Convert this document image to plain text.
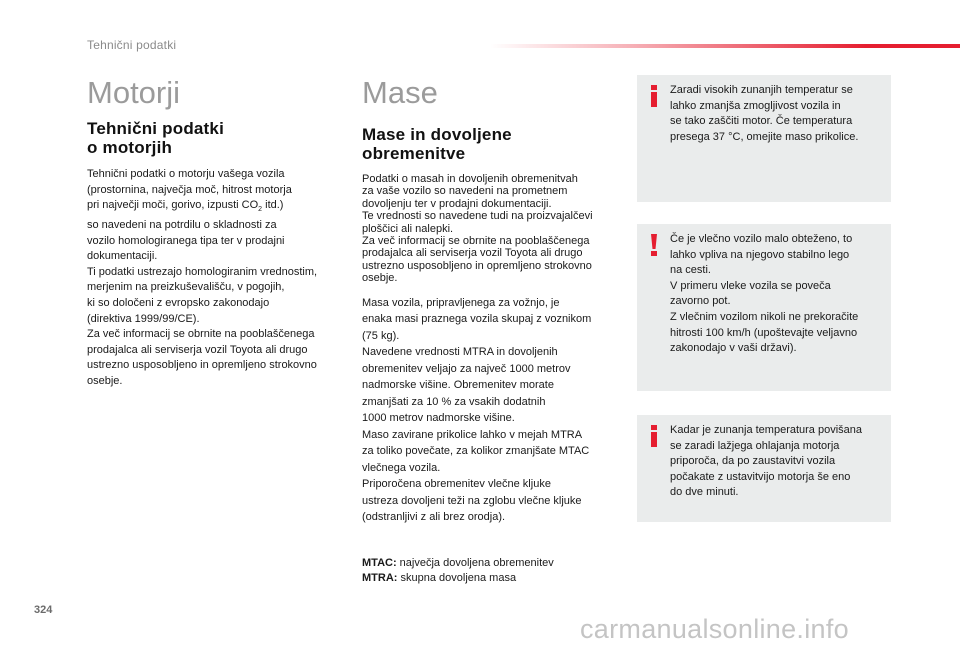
Tehnični podatki
Motorji
Tehnični podatki
o motorjih

Tehnični podatki o motorju vašega vozila
(prostornina, največja moč, hitrost motorja
pri največji moči, gorivo, izpusti $CO_2$ itd.)
so navedeni na potrdilu o skladnosti za
vozilo homologiranega tipa ter v prodajni
dokumentaciji.
Ti podatki ustrezajo homologiranim vrednostim,
merjenim na preizkuševališču, v pogojih,
ki so določeni z evropsko zakonodajo
(direktiva 1999/99/CE).
Za več informacij se obrnite na pooblaščenega
prodajalca ali serviserja vozil Toyota ali drugo
ustrezno usposobljeno in opremljeno strokovno
osebje.

Mase
Mase in dovoljene
obremenitve

Podatki o masah in dovoljenih obremenitvah
za vaše vozilo so navedeni na prometnem
dovoljenju ter v prodajni dokumentaciji.
Te vrednosti so navedene tudi na proizvajalčevi
ploščici ali nalepki.
Za več informacij se obrnite na pooblaščenega
prodajalca ali serviserja vozil Toyota ali drugo
ustrezno usposobljeno in opremljeno strokovno
osebje.

Masa vozila, pripravljenega za vožnjo, je
enaka masi praznega vozila skupaj z voznikom
(75 kg).
Navedene vrednosti MTRA in dovoljenih
obremenitev veljajo za največ 1000 metrov
nadmorske višine. Obremenitev morate
zmanjšati za 10 % za vsakih dodatnih
1000 metrov nadmorske višine.
Maso zavirane prikolice lahko v mejah MTRA
za toliko povečate, za kolikor zmanjšate MTAC
vlečnega vozila.
Priporočena obremenitev vlečne kljuke
ustreza dovoljeni teži na zglobu vlečne kljuke
(odstranljivi z ali brez orodja).

MTAC: največja dovoljena obremenitev
MTRA: skupna dovoljena masa
Zaradi visokih zunanjih temperatur se
lahko zmanjša zmogljivost vozila in
se tako zaščiti motor. Če temperatura
presega 37 °C, omejite maso prikolice.
Če je vlečno vozilo malo obteženo, to
lahko vpliva na njegovo stabilno lego
na cesti.
V primeru vleke vozila se poveča
zavorno pot.
Z vlečnim vozilom nikoli ne prekoračite
hitrosti 100 km/h (upoštevajte veljavno
zakonodajo v vaši državi).
Kadar je zunanja temperatura povišana
se zaradi lažjega ohlajanja motorja
priporoča, da po zaustavitvi vozila
počakate z ustavitvijo motorja še eno
do dve minuti.
324
carmanualsonline.info
